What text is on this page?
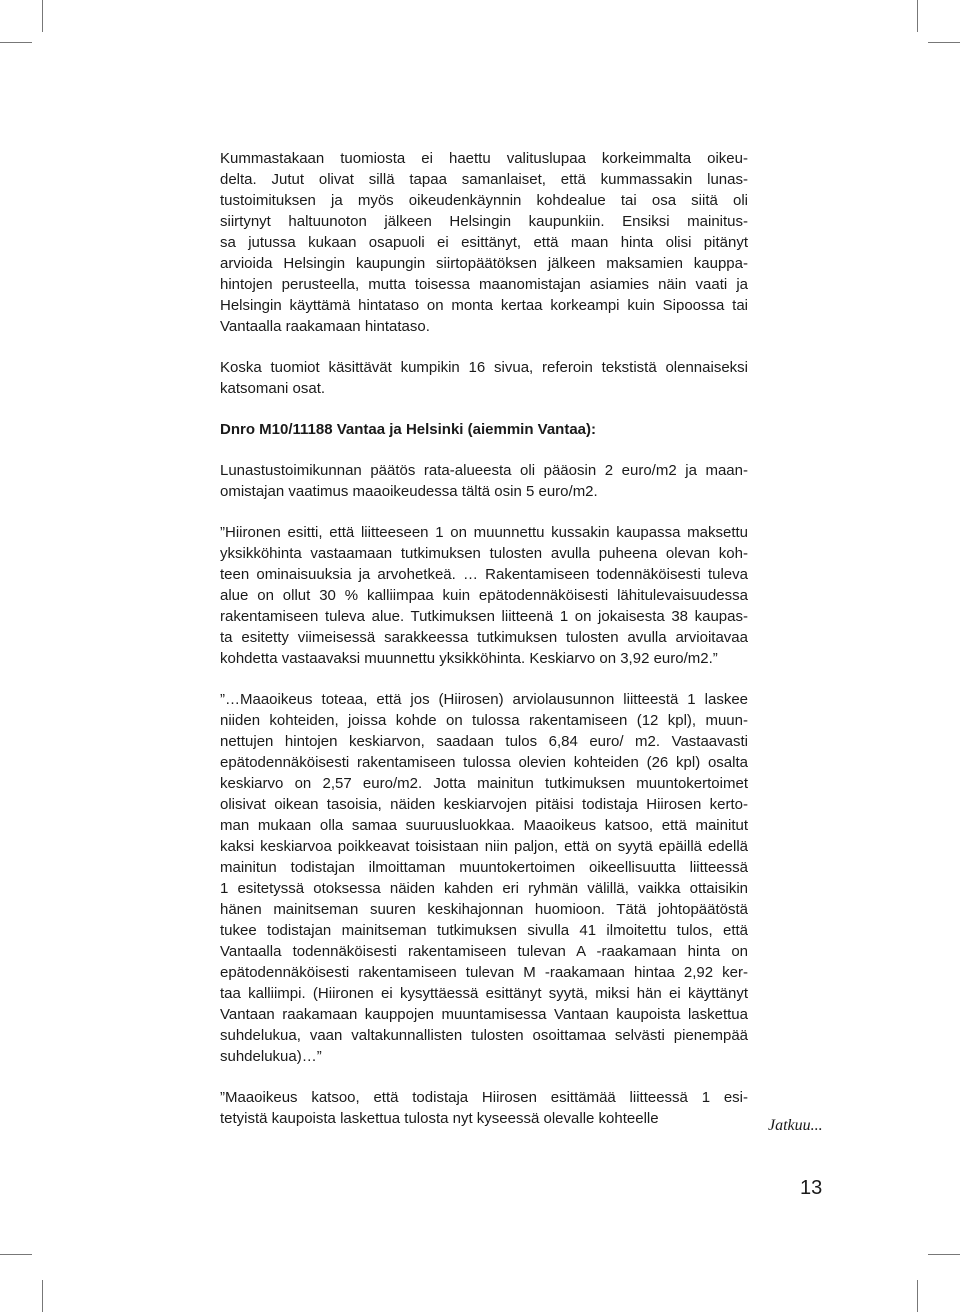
Kummastakaan tuomiosta ei haettu valituslupaa korkeimmalta oikeu-
delta. Jutut olivat sillä tapaa samanlaiset, että kummassakin lunas-
tustoimituksen ja myös oikeudenkäynnin kohdealue tai osa siitä oli
siirtynyt haltuunoton jälkeen Helsingin kaupunkiin. Ensiksi mainitus-
sa jutussa kukaan osapuoli ei esittänyt, että maan hinta olisi pitänyt
arvioida Helsingin kaupungin siirtopäätöksen jälkeen maksamien kauppa-
hintojen perusteella, mutta toisessa maanomistajan asiamies näin vaati ja
Helsingin käyttämä hintataso on monta kertaa korkeampi kuin Sipoossa tai
Vantaalla raakamaan hintataso.

Koska tuomiot käsittävät kumpikin 16 sivua, referoin tekstistä olennaiseksi
katsomani osat.

Dnro M10/11188 Vantaa ja Helsinki (aiemmin Vantaa):

Lunastustoimikunnan päätös rata-alueesta oli pääosin 2 euro/m2 ja maan-
omistajan vaatimus maaoikeudessa tältä osin 5 euro/m2.

”Hiironen esitti, että liitteeseen 1 on muunnettu kussakin kaupassa maksettu
yksikköhinta vastaamaan tutkimuksen tulosten avulla puheena olevan koh-
teen ominaisuuksia ja arvohetkeä. … Rakentamiseen todennäköisesti tuleva
alue on ollut 30 % kalliimpaa kuin epätodennäköisesti lähitulevaisuudessa
rakentamiseen tuleva alue. Tutkimuksen liitteenä 1 on jokaisesta 38 kaupas-
ta esitetty viimeisessä sarakkeessa tutkimuksen tulosten avulla arvioitavaa
kohdetta vastaavaksi muunnettu yksikköhinta. Keskiarvo on 3,92 euro/m2.”

”…Maaoikeus toteaa, että jos (Hiirosen) arviolausunnon liitteestä 1 laskee
niiden kohteiden, joissa kohde on tulossa rakentamiseen (12 kpl), muun-
nettujen hintojen keskiarvon, saadaan tulos 6,84 euro/ m2. Vastaavasti
epätodennäköisesti rakentamiseen tulossa olevien kohteiden (26 kpl) osalta
keskiarvo on 2,57 euro/m2. Jotta mainitun tutkimuksen muuntokertoimet
olisivat oikean tasoisia, näiden keskiarvojen pitäisi todistaja Hiirosen kerto-
man mukaan olla samaa suuruusluokkaa. Maaoikeus katsoo, että mainitut
kaksi keskiarvoa poikkeavat toisistaan niin paljon, että on syytä epäillä edellä
mainitun todistajan ilmoittaman muuntokertoimen oikeellisuutta liitteessä
1 esitetyssä otoksessa näiden kahden eri ryhmän välillä, vaikka ottaisikin
hänen mainitseman suuren keskihajonnan huomioon. Tätä johtopäätöstä
tukee todistajan mainitseman tutkimuksen sivulla 41 ilmoitettu tulos, että
Vantaalla todennäköisesti rakentamiseen tulevan A -raakamaan hinta on
epätodennäköisesti rakentamiseen tulevan M -raakamaan hintaa 2,92 ker-
taa kalliimpi. (Hiironen ei kysyttäessä esittänyt syytä, miksi hän ei käyttänyt
Vantaan raakamaan kauppojen muuntamisessa Vantaan kaupoista laskettua
suhdelukua, vaan valtakunnallisten tulosten osoittamaa selvästi pienempää
suhdelukua)…”

”Maaoikeus katsoo, että todistaja Hiirosen esittämää liitteessä 1 esi-
tetyistä kaupoista laskettua tulosta nyt kyseessä olevalle kohteelle	Jatkuu...
13
